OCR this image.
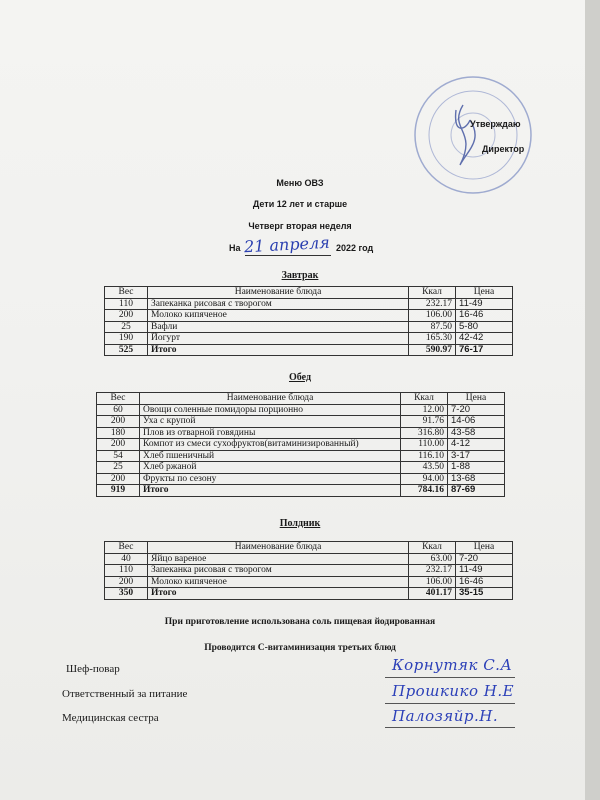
Утверждаю
Директор
Меню ОВЗ
Дети 12 лет и старше
Четверг вторая неделя
На 21 апреля 2022 год
Завтрак
Вес	Наименование блюда	Ккал	Цена
110	Запеканка рисовая с творогом	232.17	11-49
200	Молоко кипяченое	106.00	16-46
25	Вафли	87.50	5-80
190	Йогурт	165.30	42-42
525	Итого	590.97	76-17
Обед
Вес	Наименование блюда	Ккал	Цена
60	Овощи соленные помидоры порционно	12.00	7-20
200	Уха с крупой	91.76	14-06
180	Плов из отварной говядины	316.80	43-58
200	Компот из смеси сухофруктов(витаминизированный)	110.00	4-12
54	Хлеб пшеничный	116.10	3-17
25	Хлеб ржаной	43.50	1-88
200	Фрукты по сезону	94.00	13-68
919	Итого	784.16	87-69
Полдник
Вес	Наименование блюда	Ккал	Цена
40	Яйцо вареное	63.00	7-20
110	Запеканка рисовая с творогом	232.17	11-49
200	Молоко кипяченое	106.00	16-46
350	Итого	401.17	35-15
При приготовление использована соль пищевая йодированная
Проводится С-витаминизация третьих блюд
Шеф-повар	Корнутяк С.А
Ответственный за питание	Прошкико Н.Е
Медицинская сестра	Палозяйр.Н.
